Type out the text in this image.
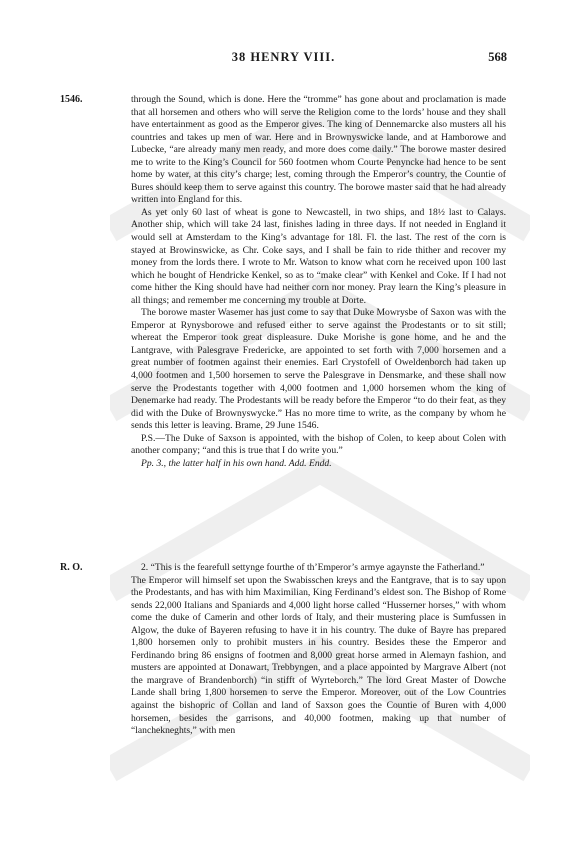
38 HENRY VIII.	568
1546.
R. O.

through the Sound, which is done. Here the “tromme” has gone about and proclamation is made that all horsemen and others who will serve the Religion come to the lords’ house and they shall have entertainment as good as the Emperor gives. The king of Dennemarcke also musters all his countries and takes up men of war. Here and in Brownyswicke lande, and at Hamborowe and Lubecke, “are already many men ready, and more does come daily.” The borowe master desired me to write to the King’s Council for 560 footmen whom Courte Penyncke had hence to be sent home by water, at this city’s charge; lest, coming through the Emperor’s country, the Countie of Bures should keep them to serve against this country. The borowe master said that he had already written into England for this.

As yet only 60 last of wheat is gone to Newcastell, in two ships, and 18½ last to Calays. Another ship, which will take 24 last, finishes lading in three days. If not needed in England it would sell at Amsterdam to the King’s advantage for 18l. Fl. the last. The rest of the corn is stayed at Browinswicke, as Chr. Coke says, and I shall be fain to ride thither and recover my money from the lords there. I wrote to Mr. Watson to know what corn he received upon 100 last which he bought of Hendricke Kenkel, so as to “make clear” with Kenkel and Coke. If I had not come hither the King should have had neither corn nor money. Pray learn the King’s pleasure in all things; and remember me concerning my trouble at Dorte.

The borowe master Wasemer has just come to say that Duke Mowrysbe of Saxon was with the Emperor at Rynysborowe and refused either to serve against the Prodestants or to sit still; whereat the Emperor took great displeasure. Duke Morishe is gone home, and he and the Lantgrave, with Palesgrave Fredericke, are appointed to set forth with 7,000 horsemen and a great number of footmen against their enemies. Earl Crystofell of Oweldenborch had taken up 4,000 footmen and 1,500 horsemen to serve the Palesgrave in Densmarke, and these shall now serve the Prodestants together with 4,000 footmen and 1,000 horsemen whom the king of Denemarke had ready. The Prodestants will be ready before the Emperor “to do their feat, as they did with the Duke of Brownyswycke.” Has no more time to write, as the company by whom he sends this letter is leaving. Brame, 29 June 1546.

P.S.—The Duke of Saxson is appointed, with the bishop of Colen, to keep about Colen with another company; “and this is true that I do write you.”

Pp. 3., the latter half in his own hand. Add. Endd.

2. “This is the fearefull settynge fourthe of th’Emperor’s armye agaynste the Fatherland.”

The Emperor will himself set upon the Swabisschen kreys and the Eantgrave, that is to say upon the Prodestants, and has with him Maximilian, King Ferdinand’s eldest son. The Bishop of Rome sends 22,000 Italians and Spaniards and 4,000 light horse called “Husserner horses,” with whom come the duke of Camerin and other lords of Italy, and their mustering place is Sumfussen in Algow, the duke of Bayeren refusing to have it in his country. The duke of Bayre has prepared 1,800 horsemen only to prohibit musters in his country. Besides these the Emperor and Ferdinando bring 86 ensigns of footmen and 8,000 great horse armed in Alemayn fashion, and musters are appointed at Donawart, Trebbyngen, and a place appointed by Margrave Albert (not the margrave of Brandenborch) “in stifft of Wyrteborch.” The lord Great Master of Dowche Lande shall bring 1,800 horsemen to serve the Emperor. Moreover, out of the Low Countries against the bishopric of Collan and land of Saxson goes the Countie of Buren with 4,000 horsemen, besides the garrisons, and 40,000 footmen, making up that number of “lanchekneghts,” with men
